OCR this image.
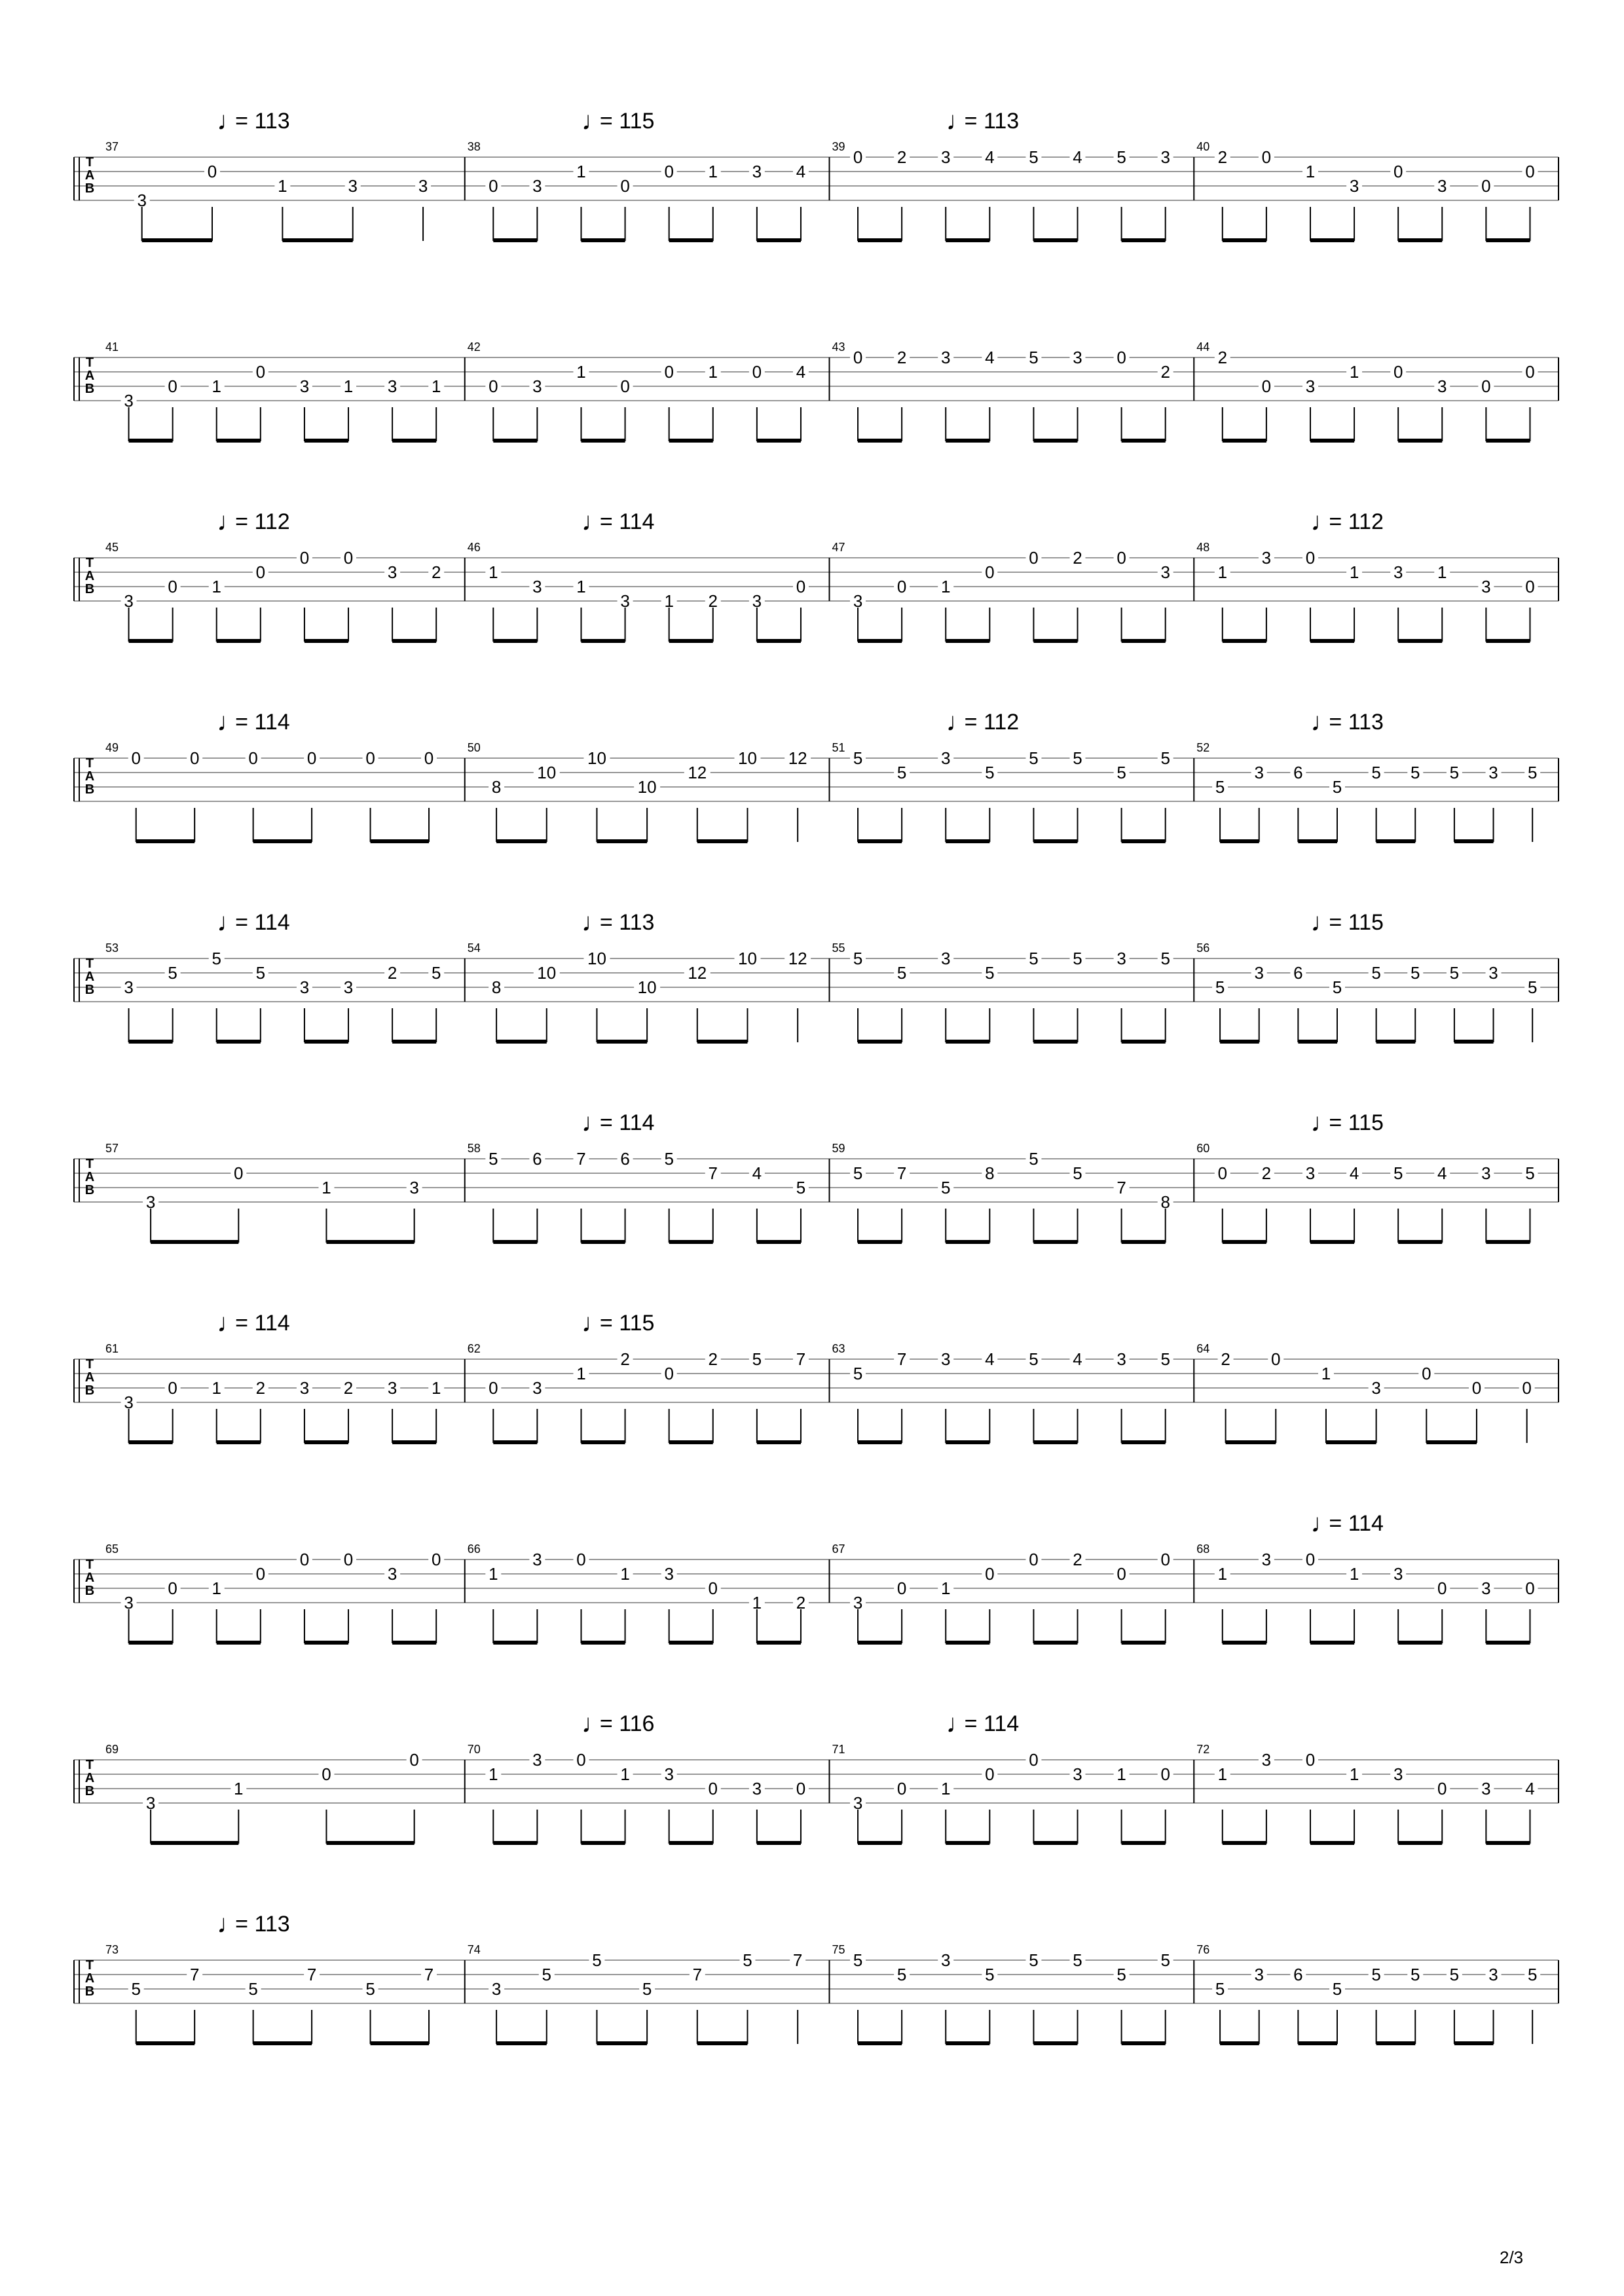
T
A
B
37
♩
= 113
3
0
1	3	3
38
♩
= 115
0 3
1
0
0 1 3 4
39
♩
= 113
0 2 3 4 5 4 5 3
40
2 0
1
3
0
3 0
0
T
A
B
41
3
0 1
0
3 1 3 1
42
0 3
1
0
0 1 0 4
43
0 2 3 4 5 3 0
2
44
2
0 3
1 0
3 0
0
T
A
B
45
♩
= 112
3
0 1
0
0 0
3 2
46
♩
= 114
1
3 1
3 1 2 3
0
47
3
0 1
0
0 2 0
3
48
♩
= 112
1
3 0
1 3 1
3 0
T
A
B
49
♩
= 114
0	0	0	0	0	0
50
8
10
10
10
12
10 12
51
♩
= 112
5
5
3
5
5 5
5
5
52
♩
= 113
5
3 6
5
5 5 5 3 5
T
A
B
53
♩
= 114
3
5
5
5
3 3
2 5
54
♩
= 113
8
10
10
10
12
10 12
55
5
5
3
5
5 5 3 5
56
♩
= 115
5
3 6
5
5 5 5 3
5
T
A
B
57
3
0
1	3
58
♩
= 114
5 6 7 6 5
7 4
5
59
5 7
5
8
5
5
7
8
60
♩
= 115
0 2 3 4 5 4 3 5
T
A
B
61
♩
= 114
3
0 1 2 3 2 3 1
62
♩
= 115
0 3
1
2
0
2 5 7
63
5
7 3 4 5 4 3 5
64
2 0
1
3
0
0 0
T
A
B
65
3
0 1
0
0 0
3
0
66
1
3 0
1 3
0
1 2
67
3
0 1
0
0 2
0
0
68
♩
= 114
1
3 0
1 3
0 3 0
T
A
B
69
3
1
0
0
70
♩
= 116
1
3 0
1 3
0 3 0
71
♩
= 114
3
0 1
0
0
3 1 0
72
1
3 0
1 3
0 3 4
T
A
B
73
♩
= 113
5
7
5
7
5
7
74
3
5
5
5
7
5 7
75
5
5
3
5
5 5
5
5
76
5
3 6
5
5 5 5 3 5
2/3
